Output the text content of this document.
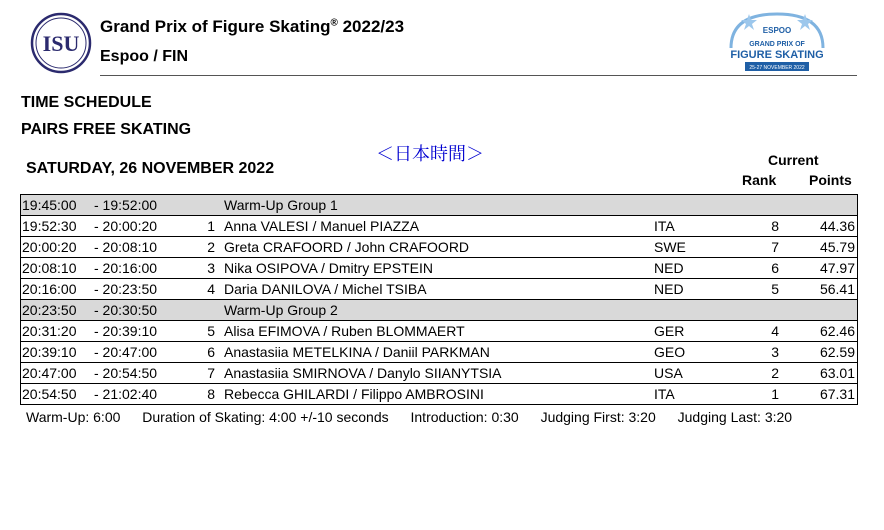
ISU
Grand Prix of Figure Skating® 2022/23
Espoo / FIN
ESPOO
GRAND PRIX OF
FIGURE SKATING
25-27 NOVEMBER 2022
TIME SCHEDULE
PAIRS FREE SKATING
＜日本時間＞
SATURDAY, 26 NOVEMBER 2022	Current
Rank Points
19:45:00 - 19:52:00	Warm-Up Group 1
19:52:30 - 20:00:20	1 Anna VALESI / Manuel PIAZZA	ITA	8	44.36
20:00:20 - 20:08:10	2 Greta CRAFOORD / John CRAFOORD	SWE	7	45.79
20:08:10 - 20:16:00	3 Nika OSIPOVA / Dmitry EPSTEIN	NED	6	47.97
20:16:00 - 20:23:50	4 Daria DANILOVA / Michel TSIBA	NED	5	56.41
20:23:50 - 20:30:50	Warm-Up Group 2
20:31:20 - 20:39:10	5 Alisa EFIMOVA / Ruben BLOMMAERT	GER	4	62.46
20:39:10 - 20:47:00	6 Anastasiia METELKINA / Daniil PARKMAN	GEO	3	62.59
20:47:00 - 20:54:50	7 Anastasiia SMIRNOVA / Danylo SIIANYTSIA	USA	2	63.01
20:54:50 - 21:02:40	8 Rebecca GHILARDI / Filippo AMBROSINI	ITA	1	67.31
Warm-Up: 6:00 Duration of Skating: 4:00 +/-10 seconds Introduction: 0:30 Judging First: 3:20 Judging Last: 3:20
